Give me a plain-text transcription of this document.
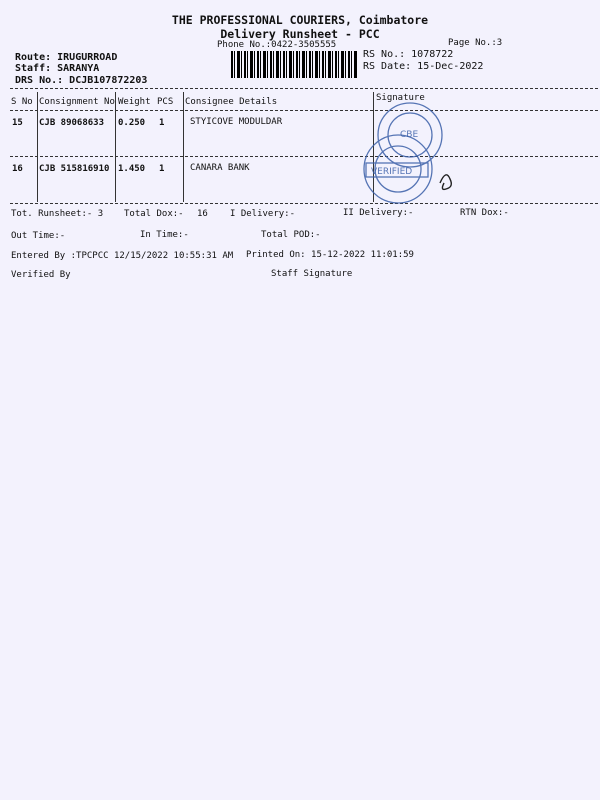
THE PROFESSIONAL COURIERS, Coimbatore
Delivery Runsheet - PCC
Phone No.:0422-3505555	Page No.:3
Route: IRUGURROAD
Staff: SARANYA
DRS No.: DCJB107872203
RS No.: 1078722
RS Date: 15-Dec-2022
S No Consignment No Weight PCS Consignee Details	Signature
15 CJB 89068633 0.250 1	STYICOVE MODULDAR
16 CJB 515816910 1.450 1	CANARA BANK
CBE
VERIFIED
Tot. Runsheet:- 3 Total Dox:- 16 I Delivery:-	II Delivery:-	RTN Dox:-
Out Time:-	In Time:-	Total POD:-
Entered By :TPCPCC 12/15/2022 10:55:31 AM Printed On: 15-12-2022 11:01:59
Verified By	Staff Signature
